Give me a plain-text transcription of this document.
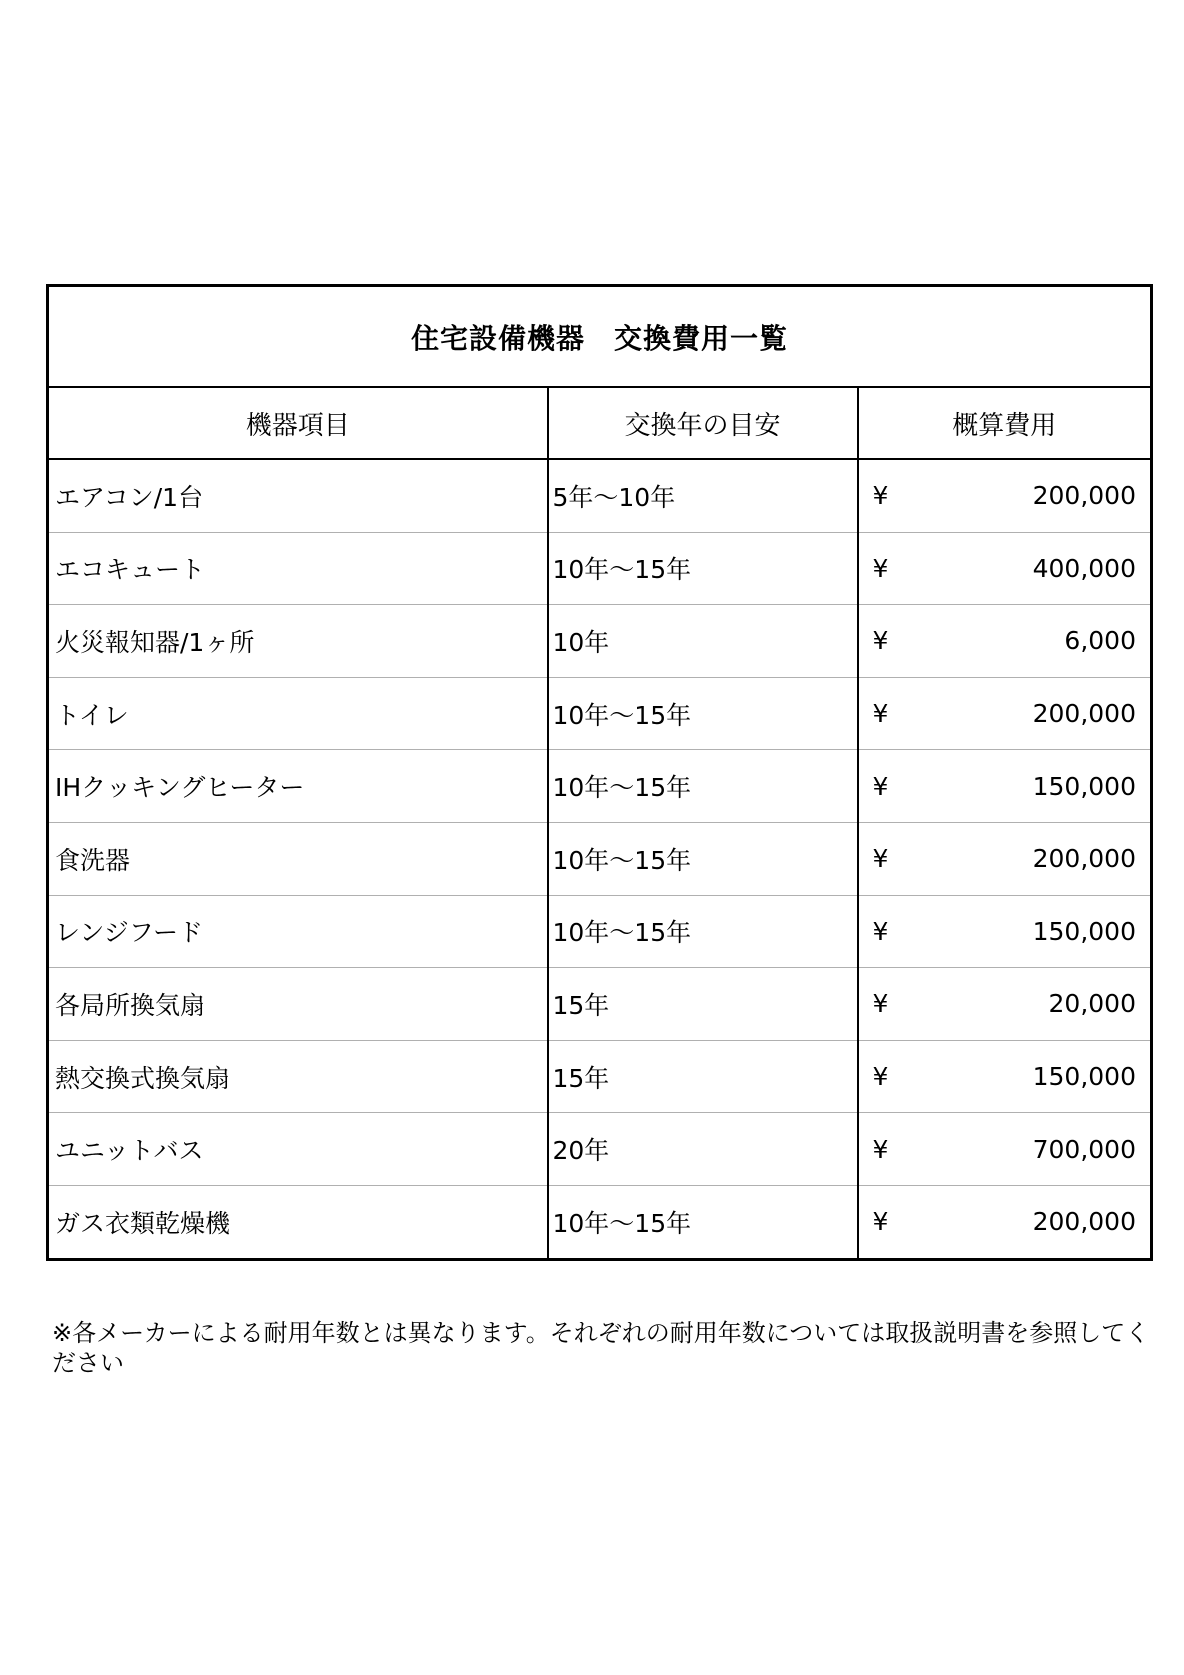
住宅設備機器　交換費用一覧		
機器項目	交換年の目安	概算費用
エアコン/1台	5年～10年	¥ 200,000

エコキュート	10年～15年	¥ 400,000

火災報知器/1ヶ所	10年	¥ 6,000

トイレ	10年～15年	¥ 200,000

IHクッキングヒーター	10年～15年	¥ 150,000

食洗器	10年～15年	¥ 200,000

レンジフード	10年～15年	¥ 150,000

各局所換気扇	15年	¥ 20,000

熱交換式換気扇	15年	¥ 150,000

ユニットバス	20年	¥ 700,000

ガス衣類乾燥機	10年～15年	¥ 200,000
※各メーカーによる耐用年数とは異なります。それぞれの耐用年数については取扱説明書を参照してください
